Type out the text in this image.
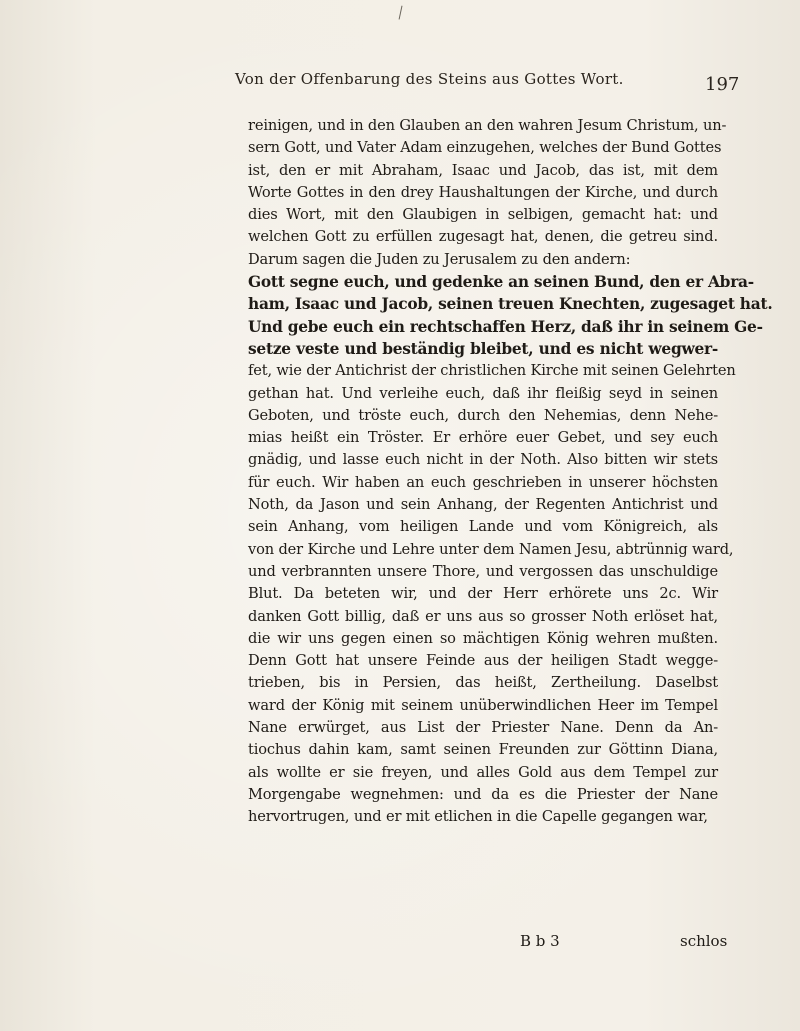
Von der Offenbarung des Steins aus Gottes Wort.	197
reinigen, und in den Glauben an den wahren Jesum Christum, un-
sern Gott, und Vater Adam einzugehen, welches der Bund Gottes
ist, den er mit Abraham, Isaac und Jacob, das ist, mit dem
Worte Gottes in den drey Haushaltungen der Kirche, und durch
dies Wort, mit den Glaubigen in selbigen, gemacht hat: und
welchen Gott zu erfüllen zugesagt hat, denen, die getreu sind.
Darum sagen die Juden zu Jerusalem zu den andern:
Gott segne euch, und gedenke an seinen Bund, den er Abra-
ham, Isaac und Jacob, seinen treuen Knechten, zugesaget hat.
Und gebe euch ein rechtschaffen Herz, daß ihr in seinem Ge-
setze veste und beständig bleibet, und es nicht wegwer-
fet, wie der Antichrist der christlichen Kirche mit seinen Gelehrten
gethan hat. Und verleihe euch, daß ihr fleißig seyd in seinen
Geboten, und tröste euch, durch den Nehemias, denn Nehe-
mias heißt ein Tröster. Er erhöre euer Gebet, und sey euch
gnädig, und lasse euch nicht in der Noth. Also bitten wir stets
für euch. Wir haben an euch geschrieben in unserer höchsten
Noth, da Jason und sein Anhang, der Regenten Antichrist und
sein Anhang, vom heiligen Lande und vom Königreich, als
von der Kirche und Lehre unter dem Namen Jesu, abtrünnig ward,
und verbrannten unsere Thore, und vergossen das unschuldige
Blut. Da beteten wir, und der Herr erhörete uns 2c. Wir
danken Gott billig, daß er uns aus so grosser Noth erlöset hat,
die wir uns gegen einen so mächtigen König wehren mußten.
Denn Gott hat unsere Feinde aus der heiligen Stadt wegge-
trieben, bis in Persien, das heißt, Zertheilung. Daselbst
ward der König mit seinem unüberwindlichen Heer im Tempel
Nane erwürget, aus List der Priester Nane. Denn da An-
tiochus dahin kam, samt seinen Freunden zur Göttinn Diana,
als wollte er sie freyen, und alles Gold aus dem Tempel zur
Morgengabe wegnehmen: und da es die Priester der Nane
hervortrugen, und er mit etlichen in die Capelle gegangen war,
B b 3	schlos
